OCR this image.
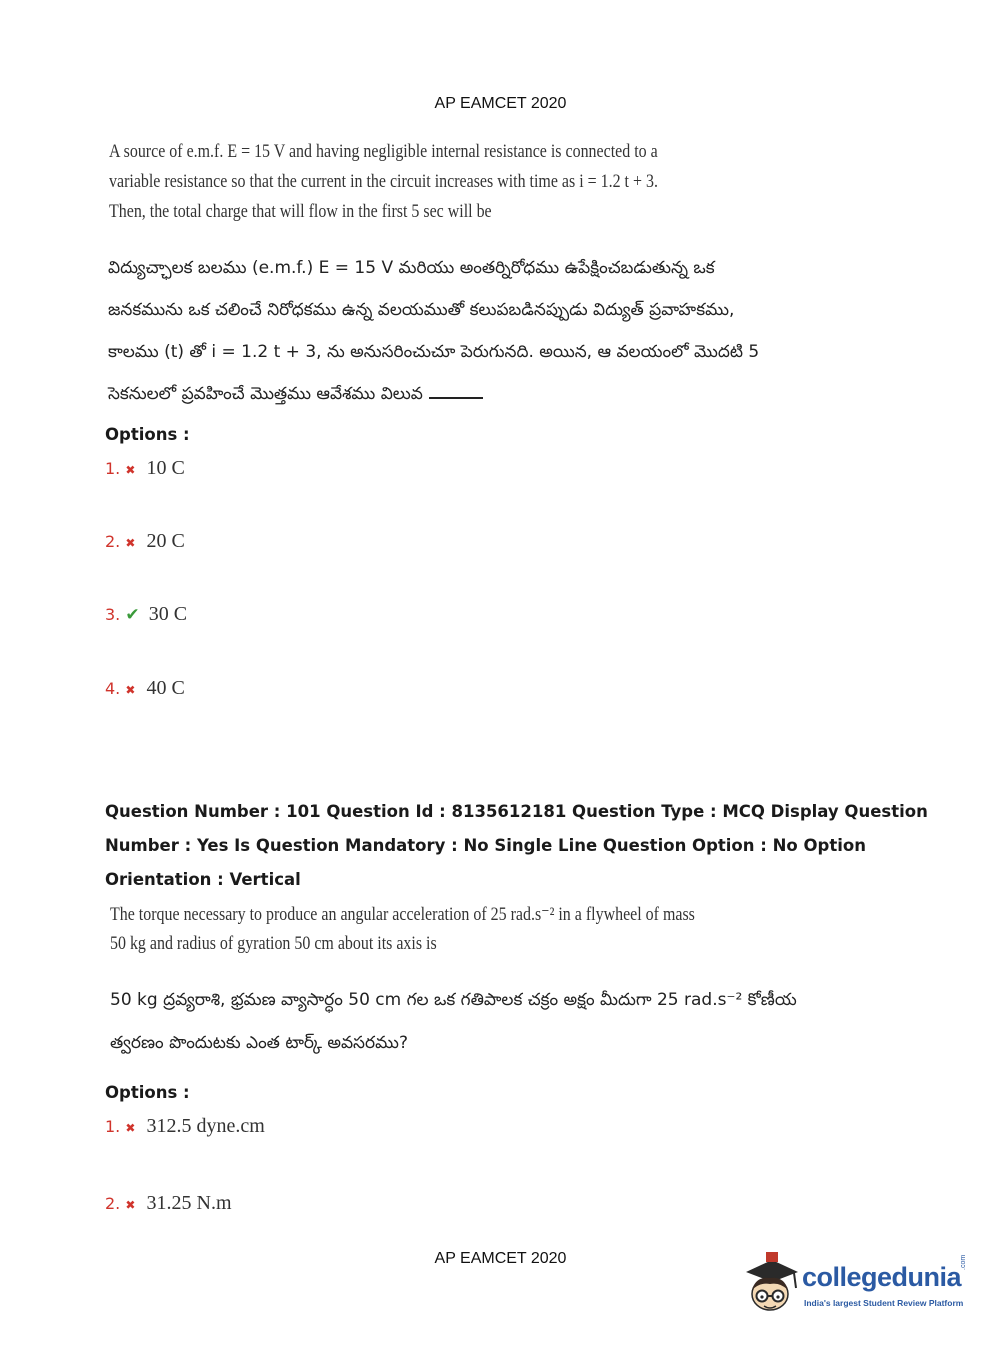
AP EAMCET 2020
A source of e.m.f. E = 15 V and having negligible internal resistance is connected to a
variable resistance so that the current in the circuit increases with time as i = 1.2 t + 3.
Then, the total charge that will flow in the first 5 sec will be
విద్యుచ్ఛాలక బలము (e.m.f.) E = 15 V మరియు అంతర్నిరోధము ఉపేక్షించబడుతున్న ఒక
జనకమును ఒక చలించే నిరోధకము ఉన్న వలయముతో కలుపబడినప్పుడు విద్యుత్ ప్రవాహకము,
కాలము (t) తో i = 1.2 t + 3, ను అనుసరించుచూ పెరుగునది. అయిన, ఆ వలయంలో మొదటి 5
సెకనులలో ప్రవహించే మొత్తము ఆవేశము విలువ
Options :
1. ✖ 10 C
2. ✖ 20 C
3. ✔ 30 C
4. ✖ 40 C
Question Number : 101 Question Id : 8135612181 Question Type : MCQ Display Question
Number : Yes Is Question Mandatory : No Single Line Question Option : No Option
Orientation : Vertical
The torque necessary to produce an angular acceleration of 25 rad.s⁻² in a flywheel of mass
50 kg and radius of gyration 50 cm about its axis is
50 kg ద్రవ్యరాశి, భ్రమణ వ్యాసార్ధం 50 cm గల ఒక గతిపాలక చక్రం అక్షం మీదుగా 25 rad.s⁻² కోణీయ
త్వరణం పొందుటకు ఎంత టార్క్ అవసరము?
Options :
1. ✖ 312.5 dyne.cm
2. ✖ 31.25 N.m
AP EAMCET 2020
collegedunia
.com
India's largest Student Review Platform
